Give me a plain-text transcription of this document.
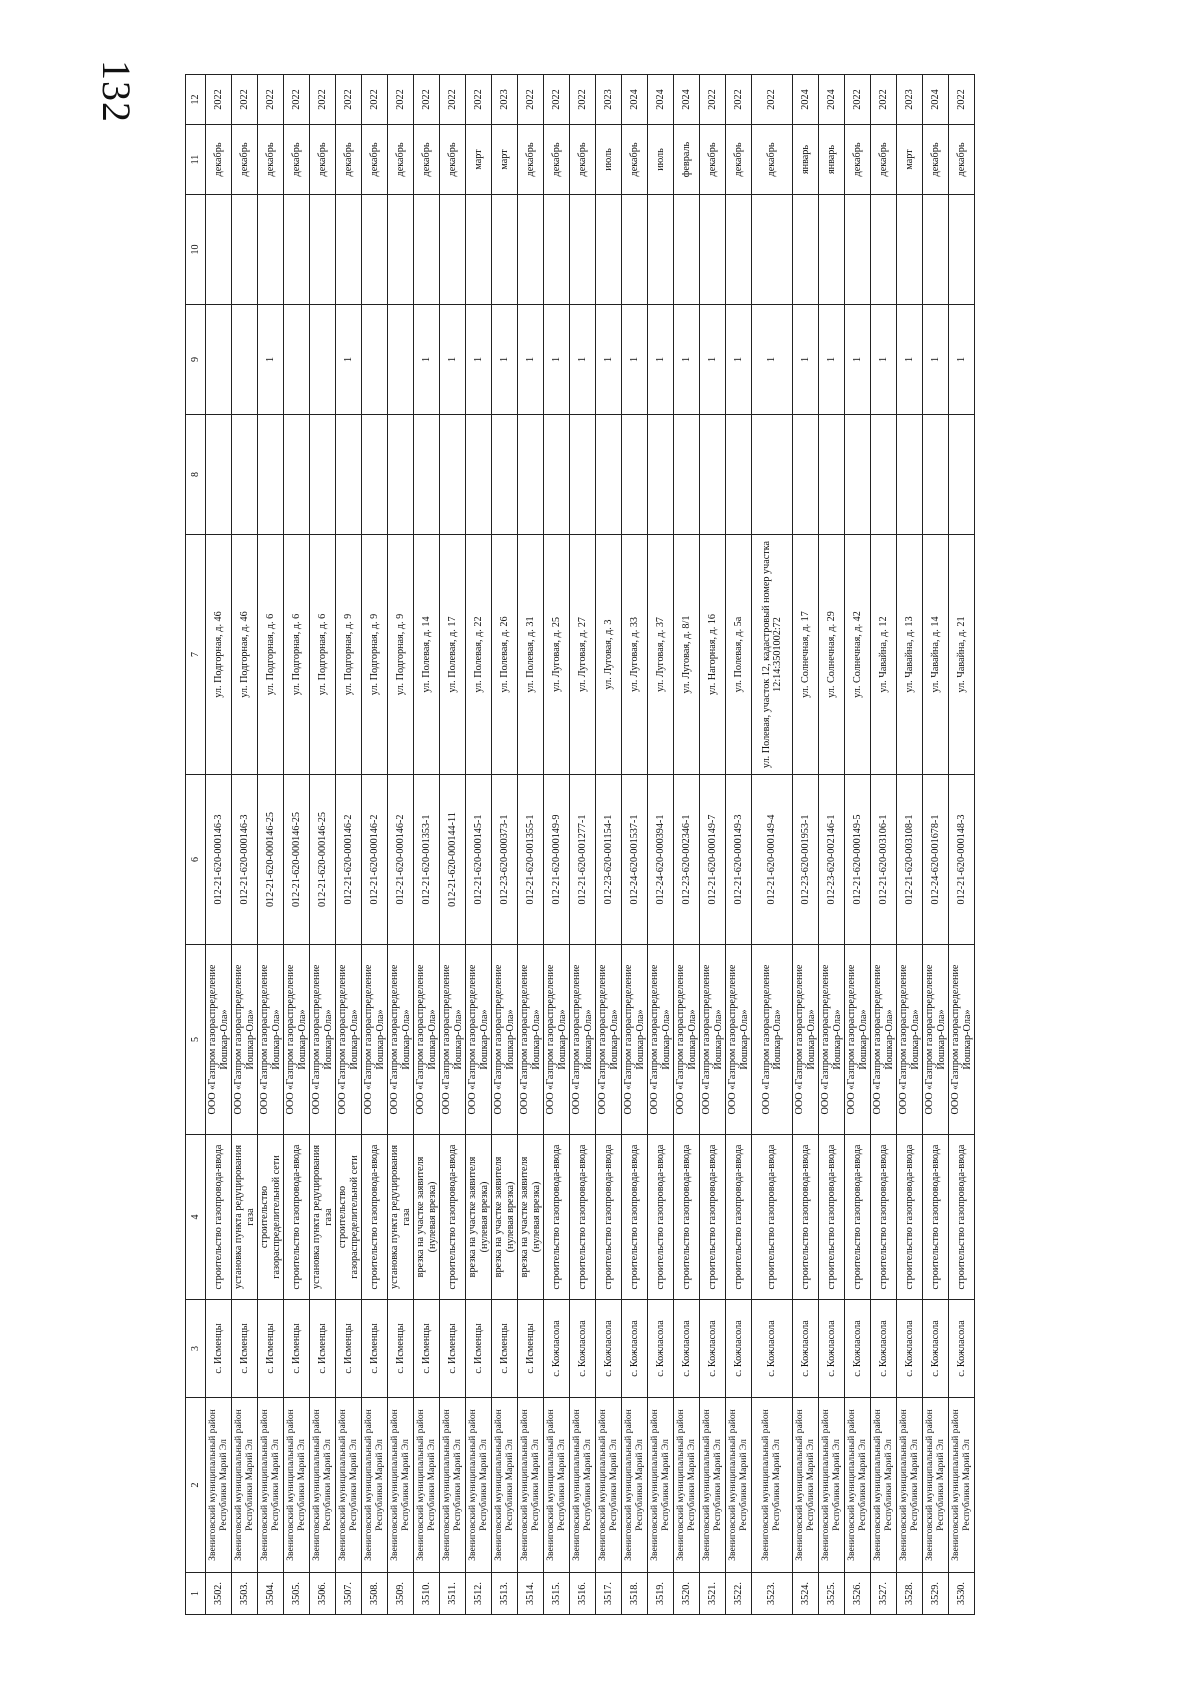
132
1	2	3	4	5	6	7	8	9	10	11	12
3502.	Звениговский муниципальный район Республики Марий Эл	с. Исменцы	строительство газопровода-ввода	ООО «Газпром газораспределение Йошкар-Ола»	012-21-620-000146-3	ул. Подгорная, д. 46				декабрь	2022
3503.	Звениговский муниципальный район Республики Марий Эл	с. Исменцы	установка пункта редуцирования газа	ООО «Газпром газораспределение Йошкар-Ола»	012-21-620-000146-3	ул. Подгорная, д. 46				декабрь	2022
3504.	Звениговский муниципальный район Республики Марий Эл	с. Исменцы	строительство газораспределительной сети	ООО «Газпром газораспределение Йошкар-Ола»	012-21-620-000146-25	ул. Подгорная, д. 6		1		декабрь	2022
3505.	Звениговский муниципальный район Республики Марий Эл	с. Исменцы	строительство газопровода-ввода	ООО «Газпром газораспределение Йошкар-Ола»	012-21-620-000146-25	ул. Подгорная, д. 6				декабрь	2022
3506.	Звениговский муниципальный район Республики Марий Эл	с. Исменцы	установка пункта редуцирования газа	ООО «Газпром газораспределение Йошкар-Ола»	012-21-620-000146-25	ул. Подгорная, д. 6				декабрь	2022
3507.	Звениговский муниципальный район Республики Марий Эл	с. Исменцы	строительство газораспределительной сети	ООО «Газпром газораспределение Йошкар-Ола»	012-21-620-000146-2	ул. Подгорная, д. 9		1		декабрь	2022
3508.	Звениговский муниципальный район Республики Марий Эл	с. Исменцы	строительство газопровода-ввода	ООО «Газпром газораспределение Йошкар-Ола»	012-21-620-000146-2	ул. Подгорная, д. 9				декабрь	2022
3509.	Звениговский муниципальный район Республики Марий Эл	с. Исменцы	установка пункта редуцирования газа	ООО «Газпром газораспределение Йошкар-Ола»	012-21-620-000146-2	ул. Подгорная, д. 9				декабрь	2022
3510.	Звениговский муниципальный район Республики Марий Эл	с. Исменцы	врезка на участке заявителя (нулевая врезка)	ООО «Газпром газораспределение Йошкар-Ола»	012-21-620-001353-1	ул. Полевая, д. 14		1		декабрь	2022
3511.	Звениговский муниципальный район Республики Марий Эл	с. Исменцы	строительство газопровода-ввода	ООО «Газпром газораспределение Йошкар-Ола»	012-21-620-000144-11	ул. Полевая, д. 17		1		декабрь	2022
3512.	Звениговский муниципальный район Республики Марий Эл	с. Исменцы	врезка на участке заявителя (нулевая врезка)	ООО «Газпром газораспределение Йошкар-Ола»	012-21-620-000145-1	ул. Полевая, д. 22		1		март	2022
3513.	Звениговский муниципальный район Республики Марий Эл	с. Исменцы	врезка на участке заявителя (нулевая врезка)	ООО «Газпром газораспределение Йошкар-Ола»	012-23-620-000373-1	ул. Полевая, д. 26		1		март	2023
3514.	Звениговский муниципальный район Республики Марий Эл	с. Исменцы	врезка на участке заявителя (нулевая врезка)	ООО «Газпром газораспределение Йошкар-Ола»	012-21-620-001355-1	ул. Полевая, д. 31		1		декабрь	2022
3515.	Звениговский муниципальный район Республики Марий Эл	с. Кожласола	строительство газопровода-ввода	ООО «Газпром газораспределение Йошкар-Ола»	012-21-620-000149-9	ул. Луговая, д. 25		1		декабрь	2022
3516.	Звениговский муниципальный район Республики Марий Эл	с. Кожласола	строительство газопровода-ввода	ООО «Газпром газораспределение Йошкар-Ола»	012-21-620-001277-1	ул. Луговая, д. 27		1		декабрь	2022
3517.	Звениговский муниципальный район Республики Марий Эл	с. Кожласола	строительство газопровода-ввода	ООО «Газпром газораспределение Йошкар-Ола»	012-23-620-001154-1	ул. Луговая, д. 3		1		июль	2023
3518.	Звениговский муниципальный район Республики Марий Эл	с. Кожласола	строительство газопровода-ввода	ООО «Газпром газораспределение Йошкар-Ола»	012-24-620-001537-1	ул. Луговая, д. 33		1		декабрь	2024
3519.	Звениговский муниципальный район Республики Марий Эл	с. Кожласола	строительство газопровода-ввода	ООО «Газпром газораспределение Йошкар-Ола»	012-24-620-000394-1	ул. Луговая, д. 37		1		июль	2024
3520.	Звениговский муниципальный район Республики Марий Эл	с. Кожласола	строительство газопровода-ввода	ООО «Газпром газораспределение Йошкар-Ола»	012-23-620-002346-1	ул. Луговая, д. 8/1		1		февраль	2024
3521.	Звениговский муниципальный район Республики Марий Эл	с. Кожласола	строительство газопровода-ввода	ООО «Газпром газораспределение Йошкар-Ола»	012-21-620-000149-7	ул. Нагорная, д. 16		1		декабрь	2022
3522.	Звениговский муниципальный район Республики Марий Эл	с. Кожласола	строительство газопровода-ввода	ООО «Газпром газораспределение Йошкар-Ола»	012-21-620-000149-3	ул. Полевая, д. 5а		1		декабрь	2022
3523.	Звениговский муниципальный район Республики Марий Эл	с. Кожласола	строительство газопровода-ввода	ООО «Газпром газораспределение Йошкар-Ола»	012-21-620-000149-4	ул. Полевая, участок 12, кадастровый номер участка 12:14:3501002:72		1		декабрь	2022
3524.	Звениговский муниципальный район Республики Марий Эл	с. Кожласола	строительство газопровода-ввода	ООО «Газпром газораспределение Йошкар-Ола»	012-23-620-001953-1	ул. Солнечная, д. 17		1		январь	2024
3525.	Звениговский муниципальный район Республики Марий Эл	с. Кожласола	строительство газопровода-ввода	ООО «Газпром газораспределение Йошкар-Ола»	012-23-620-002146-1	ул. Солнечная, д. 29		1		январь	2024
3526.	Звениговский муниципальный район Республики Марий Эл	с. Кожласола	строительство газопровода-ввода	ООО «Газпром газораспределение Йошкар-Ола»	012-21-620-000149-5	ул. Солнечная, д. 42		1		декабрь	2022
3527.	Звениговский муниципальный район Республики Марий Эл	с. Кожласола	строительство газопровода-ввода	ООО «Газпром газораспределение Йошкар-Ола»	012-21-620-003106-1	ул. Чавайна, д. 12		1		декабрь	2022
3528.	Звениговский муниципальный район Республики Марий Эл	с. Кожласола	строительство газопровода-ввода	ООО «Газпром газораспределение Йошкар-Ола»	012-21-620-003108-1	ул. Чавайна, д. 13		1		март	2023
3529.	Звениговский муниципальный район Республики Марий Эл	с. Кожласола	строительство газопровода-ввода	ООО «Газпром газораспределение Йошкар-Ола»	012-24-620-001678-1	ул. Чавайна, д. 14		1		декабрь	2024
3530.	Звениговский муниципальный район Республики Марий Эл	с. Кожласола	строительство газопровода-ввода	ООО «Газпром газораспределение Йошкар-Ола»	012-21-620-000148-3	ул. Чавайна, д. 21		1		декабрь	2022
